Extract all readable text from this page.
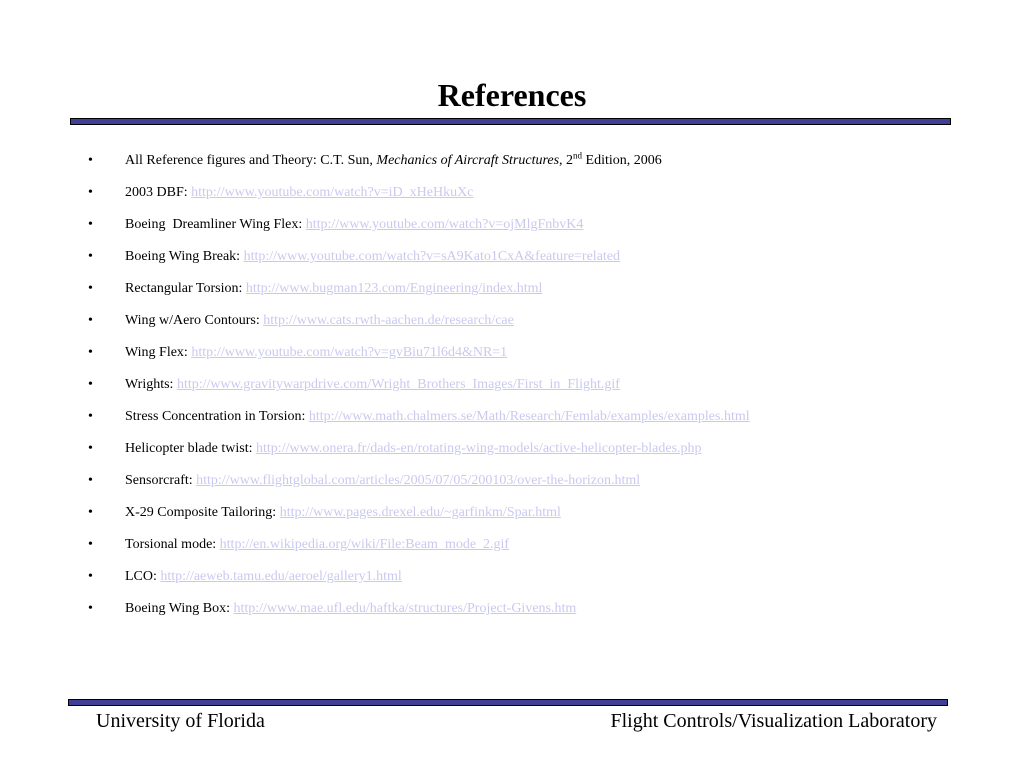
References
• All Reference figures and Theory: C.T. Sun, Mechanics of Aircraft Structures, 2nd Edition, 2006
• 2003 DBF: http://www.youtube.com/watch?v=iD_xHeHkuXc
• Boeing  Dreamliner Wing Flex: http://www.youtube.com/watch?v=ojMlgFnbvK4
• Boeing Wing Break: http://www.youtube.com/watch?v=sA9Kato1CxA&feature=related
• Rectangular Torsion: http://www.bugman123.com/Engineering/index.html
• Wing w/Aero Contours: http://www.cats.rwth-aachen.de/research/cae
• Wing Flex: http://www.youtube.com/watch?v=gvBiu71l6d4&NR=1
• Wrights: http://www.gravitywarpdrive.com/Wright_Brothers_Images/First_in_Flight.gif
• Stress Concentration in Torsion: http://www.math.chalmers.se/Math/Research/Femlab/examples/examples.html
• Helicopter blade twist: http://www.onera.fr/dads-en/rotating-wing-models/active-helicopter-blades.php
• Sensorcraft: http://www.flightglobal.com/articles/2005/07/05/200103/over-the-horizon.html
• X-29 Composite Tailoring: http://www.pages.drexel.edu/~garfinkm/Spar.html
• Torsional mode: http://en.wikipedia.org/wiki/File:Beam_mode_2.gif
• LCO: http://aeweb.tamu.edu/aeroel/gallery1.html
• Boeing Wing Box: http://www.mae.ufl.edu/haftka/structures/Project-Givens.htm
University of Florida	Flight Controls/Visualization Laboratory
